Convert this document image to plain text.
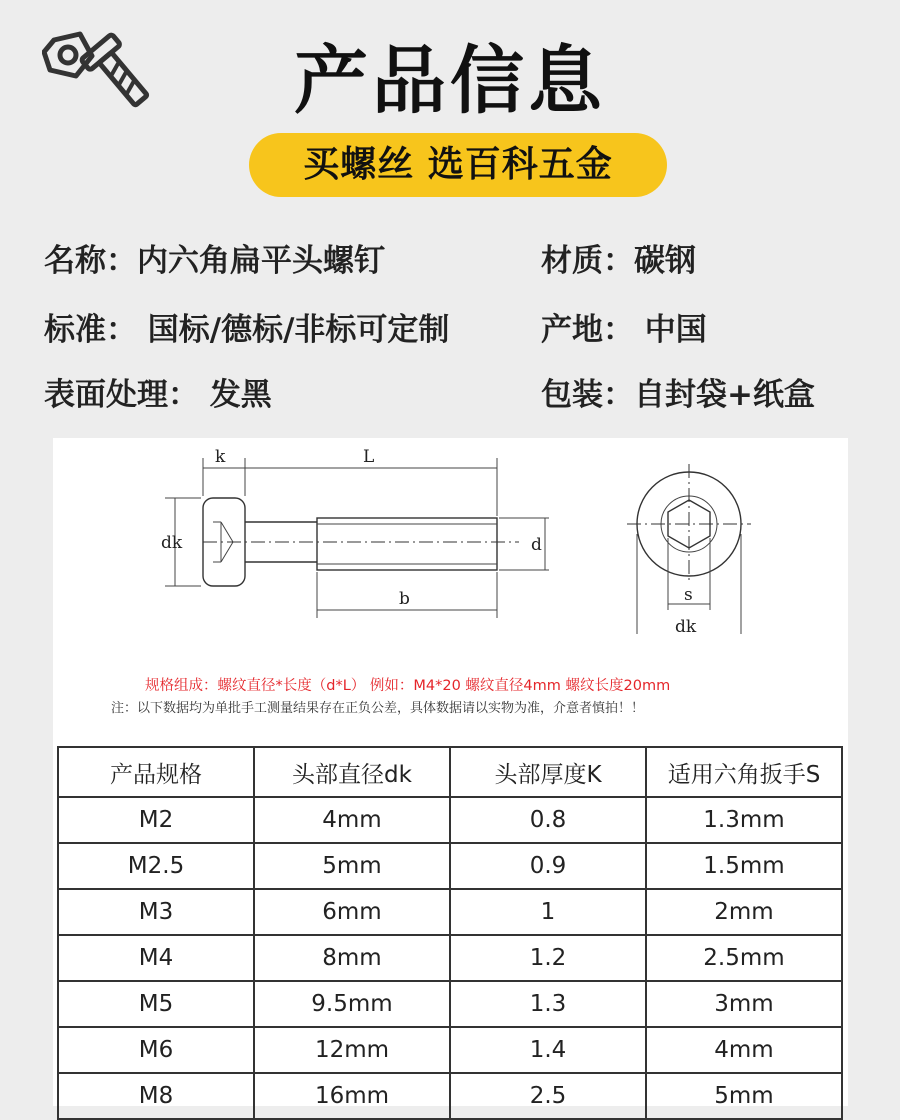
产品信息
买螺丝 选百科五金
名称：内六角扁平头螺钉	材质：碳钢
标准： 国标/德标/非标可定制	产地： 中国
表面处理： 发黑	包装：自封袋+纸盒
k	L
dk	d
b	s
dk
规格组成：螺纹直径*长度（d*L） 例如：M4*20 螺纹直径4mm 螺纹长度20mm
注：以下数据均为单批手工测量结果存在正负公差，具体数据请以实物为准，介意者慎拍！！
产品规格	头部直径dk	头部厚度K	适用六角扳手S
M2	4mm	0.8	1.3mm
M2.5	5mm	0.9	1.5mm
M3	6mm	1	2mm
M4	8mm	1.2	2.5mm
M5	9.5mm	1.3	3mm
M6	12mm	1.4	4mm
M8	16mm	2.5	5mm
